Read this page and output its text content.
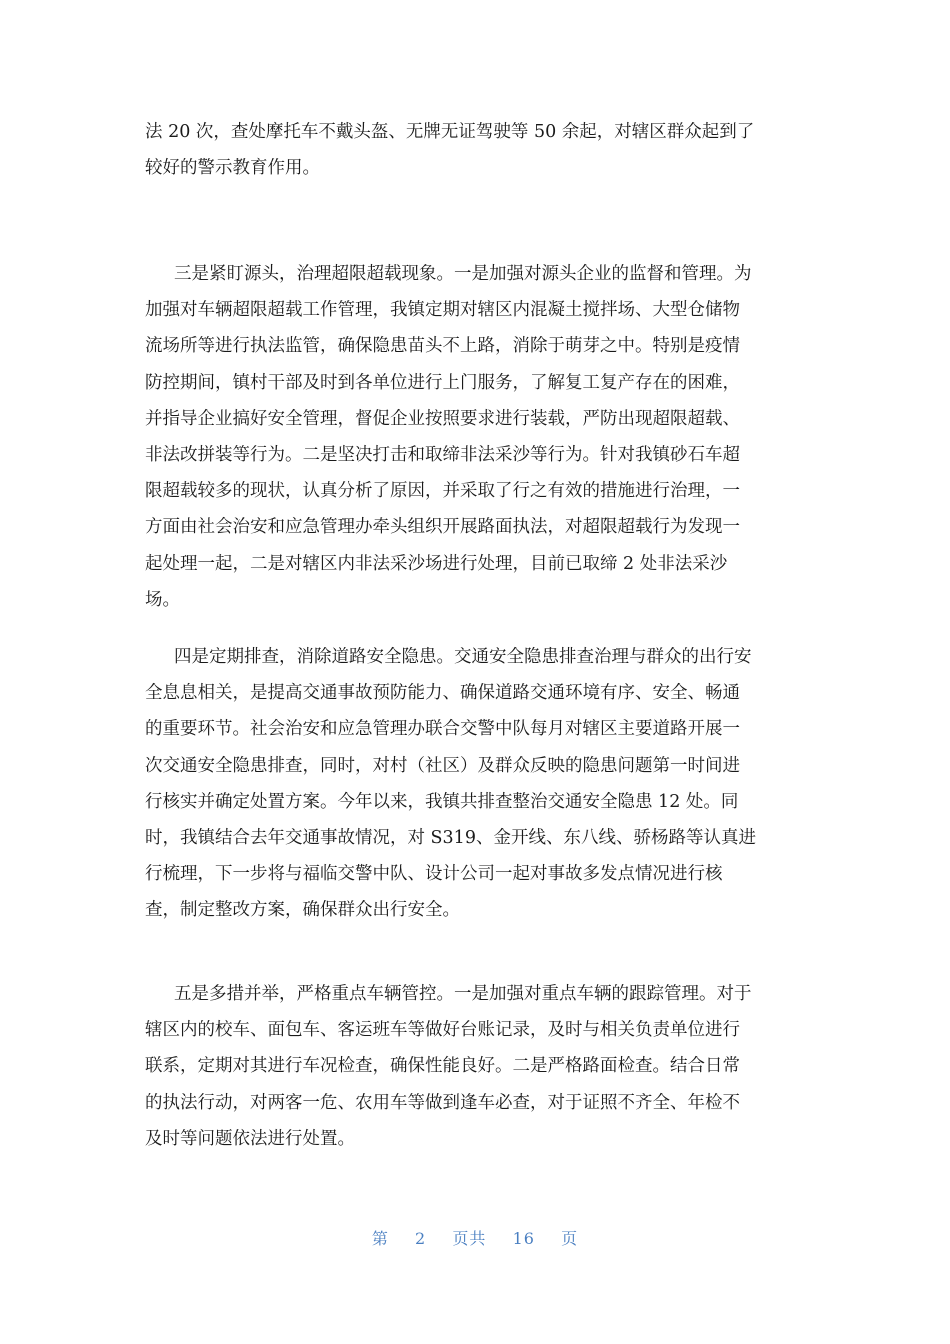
法 20 次，查处摩托车不戴头盔、无牌无证驾驶等 50 余起，对辖区群众起到了
较好的警示教育作用。
三是紧盯源头，治理超限超载现象。一是加强对源头企业的监督和管理。为
加强对车辆超限超载工作管理，我镇定期对辖区内混凝土搅拌场、大型仓储物
流场所等进行执法监管，确保隐患苗头不上路，消除于萌芽之中。特别是疫情
防控期间，镇村干部及时到各单位进行上门服务，了解复工复产存在的困难，
并指导企业搞好安全管理，督促企业按照要求进行装载，严防出现超限超载、
非法改拼装等行为。二是坚决打击和取缔非法采沙等行为。针对我镇砂石车超
限超载较多的现状，认真分析了原因，并采取了行之有效的措施进行治理，一
方面由社会治安和应急管理办牵头组织开展路面执法，对超限超载行为发现一
起处理一起，二是对辖区内非法采沙场进行处理，目前已取缔 2 处非法采沙
场。
四是定期排查，消除道路安全隐患。交通安全隐患排查治理与群众的出行安
全息息相关，是提高交通事故预防能力、确保道路交通环境有序、安全、畅通
的重要环节。社会治安和应急管理办联合交警中队每月对辖区主要道路开展一
次交通安全隐患排查，同时，对村（社区）及群众反映的隐患问题第一时间进
行核实并确定处置方案。今年以来，我镇共排查整治交通安全隐患 12 处。同
时，我镇结合去年交通事故情况，对 S319、金开线、东八线、骄杨路等认真进
行梳理，下一步将与福临交警中队、设计公司一起对事故多发点情况进行核
查，制定整改方案，确保群众出行安全。
五是多措并举，严格重点车辆管控。一是加强对重点车辆的跟踪管理。对于
辖区内的校车、面包车、客运班车等做好台账记录，及时与相关负责单位进行
联系，定期对其进行车况检查，确保性能良好。二是严格路面检查。结合日常
的执法行动，对两客一危、农用车等做到逢车必查，对于证照不齐全、年检不
及时等问题依法进行处置。
第 2 页共 16 页
